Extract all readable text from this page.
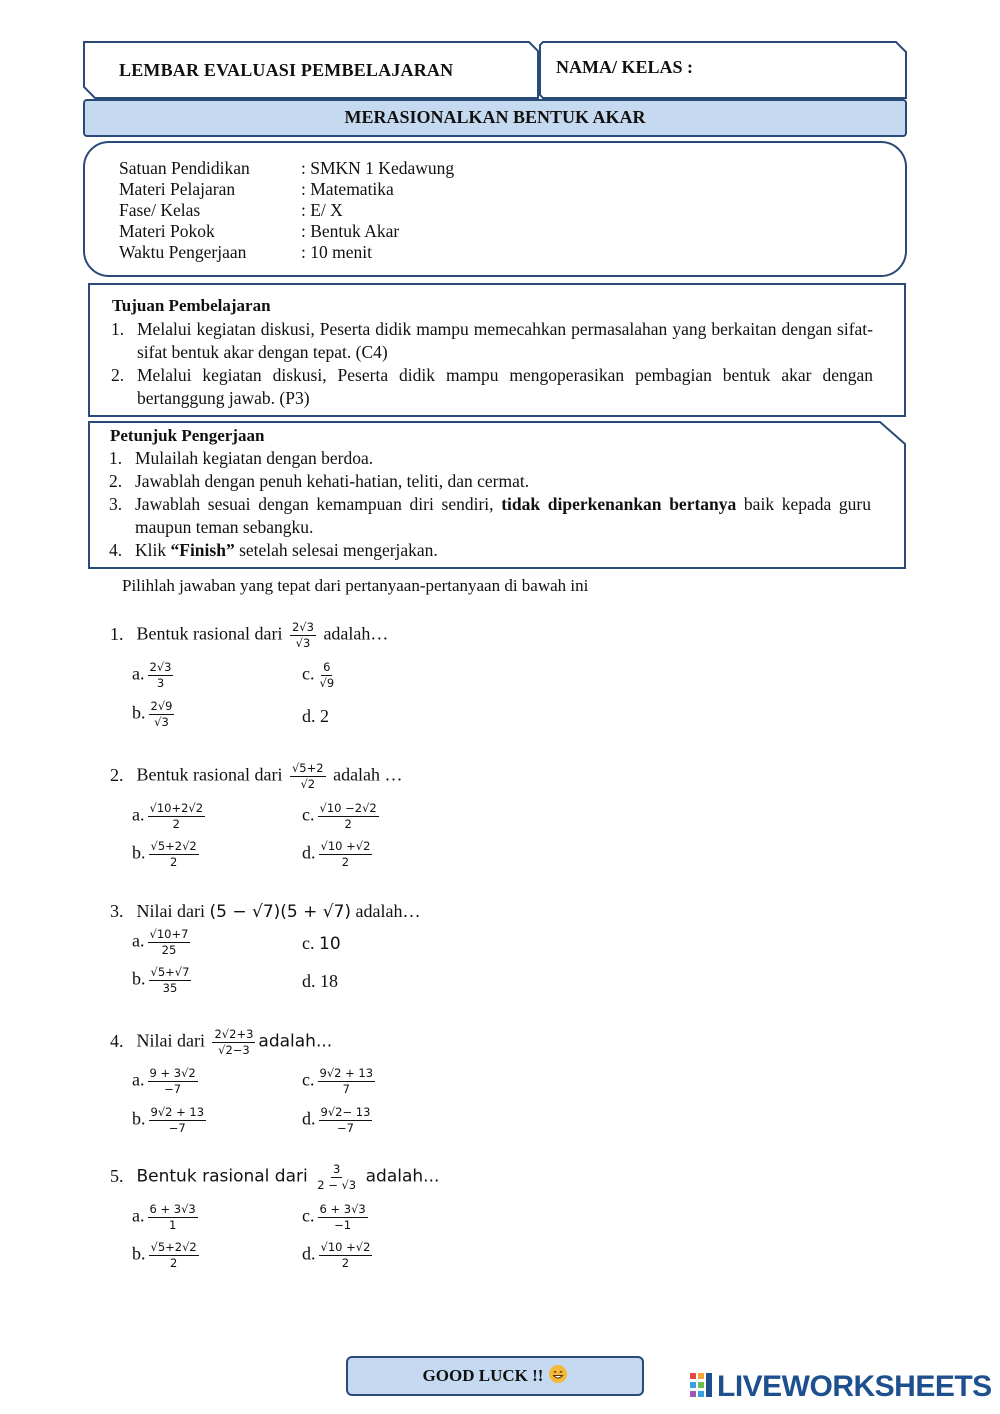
LEMBAR EVALUASI PEMBELAJARAN	NAMA/ KELAS :
MERASIONALKAN BENTUK AKAR
Satuan Pendidikan	: SMKN 1 Kedawung
Materi Pelajaran	: Matematika
Fase/ Kelas	: E/ X
Materi Pokok	: Bentuk Akar
Waktu Pengerjaan	: 10 menit
Tujuan Pembelajaran
1. Melalui kegiatan diskusi, Peserta didik mampu memecahkan permasalahan yang berkaitan dengan sifat-sifat bentuk akar dengan tepat. (C4)
2. Melalui kegiatan diskusi, Peserta didik mampu mengoperasikan pembagian bentuk akar dengan bertanggung jawab. (P3)
Petunjuk Pengerjaan
1. Mulailah kegiatan dengan berdoa.
2. Jawablah dengan penuh kehati-hatian, teliti, dan cermat.
3. Jawablah sesuai dengan kemampuan diri sendiri, tidak diperkenankan bertanya baik kepada guru maupun teman sebangku.
4. Klik “Finish” setelah selesai mengerjakan.
Pilihlah jawaban yang tepat dari pertanyaan-pertanyaan di bawah ini
1. Bentuk rasional dari $\frac{2√3}{√3}$ adalah…
a. $\frac{2√3}{3}$	c. $\frac{6}{√9}$
b. $\frac{2√9}{√3}$	d. 2
2. Bentuk rasional dari $\frac{√5+2}{√2}$ adalah …
a. $\frac{√10+2√2}{2}$	c. $\frac{√10 -2√2}{2}$
b. $\frac{√5+2√2}{2}$	d. $\frac{√10 +√2}{2}$
3. Nilai dari (5 − √7)(5 + √7) adalah…
a. $\frac{√10+7}{25}$	c. 10
b. $\frac{√5+√7}{35}$	d. 18
4. Nilai dari $\frac{2√2+3}{√2-3}$ adalah...
a. $\frac{9 + 3√2}{-7}$	c. $\frac{9√2 + 13}{7}$
b. $\frac{9√2 + 13}{-7}$	d. $\frac{9√2- 13}{-7}$
5. Bentuk rasional dari $\frac{3}{2 - √3}$ adalah...
a. $\frac{6 + 3√3}{1}$	c. $\frac{6 + 3√3}{-1}$
b. $\frac{√5+2√2}{2}$	d. $\frac{√10 +√2}{2}$
GOOD LUCK !!	LIVEWORKSHEETS
